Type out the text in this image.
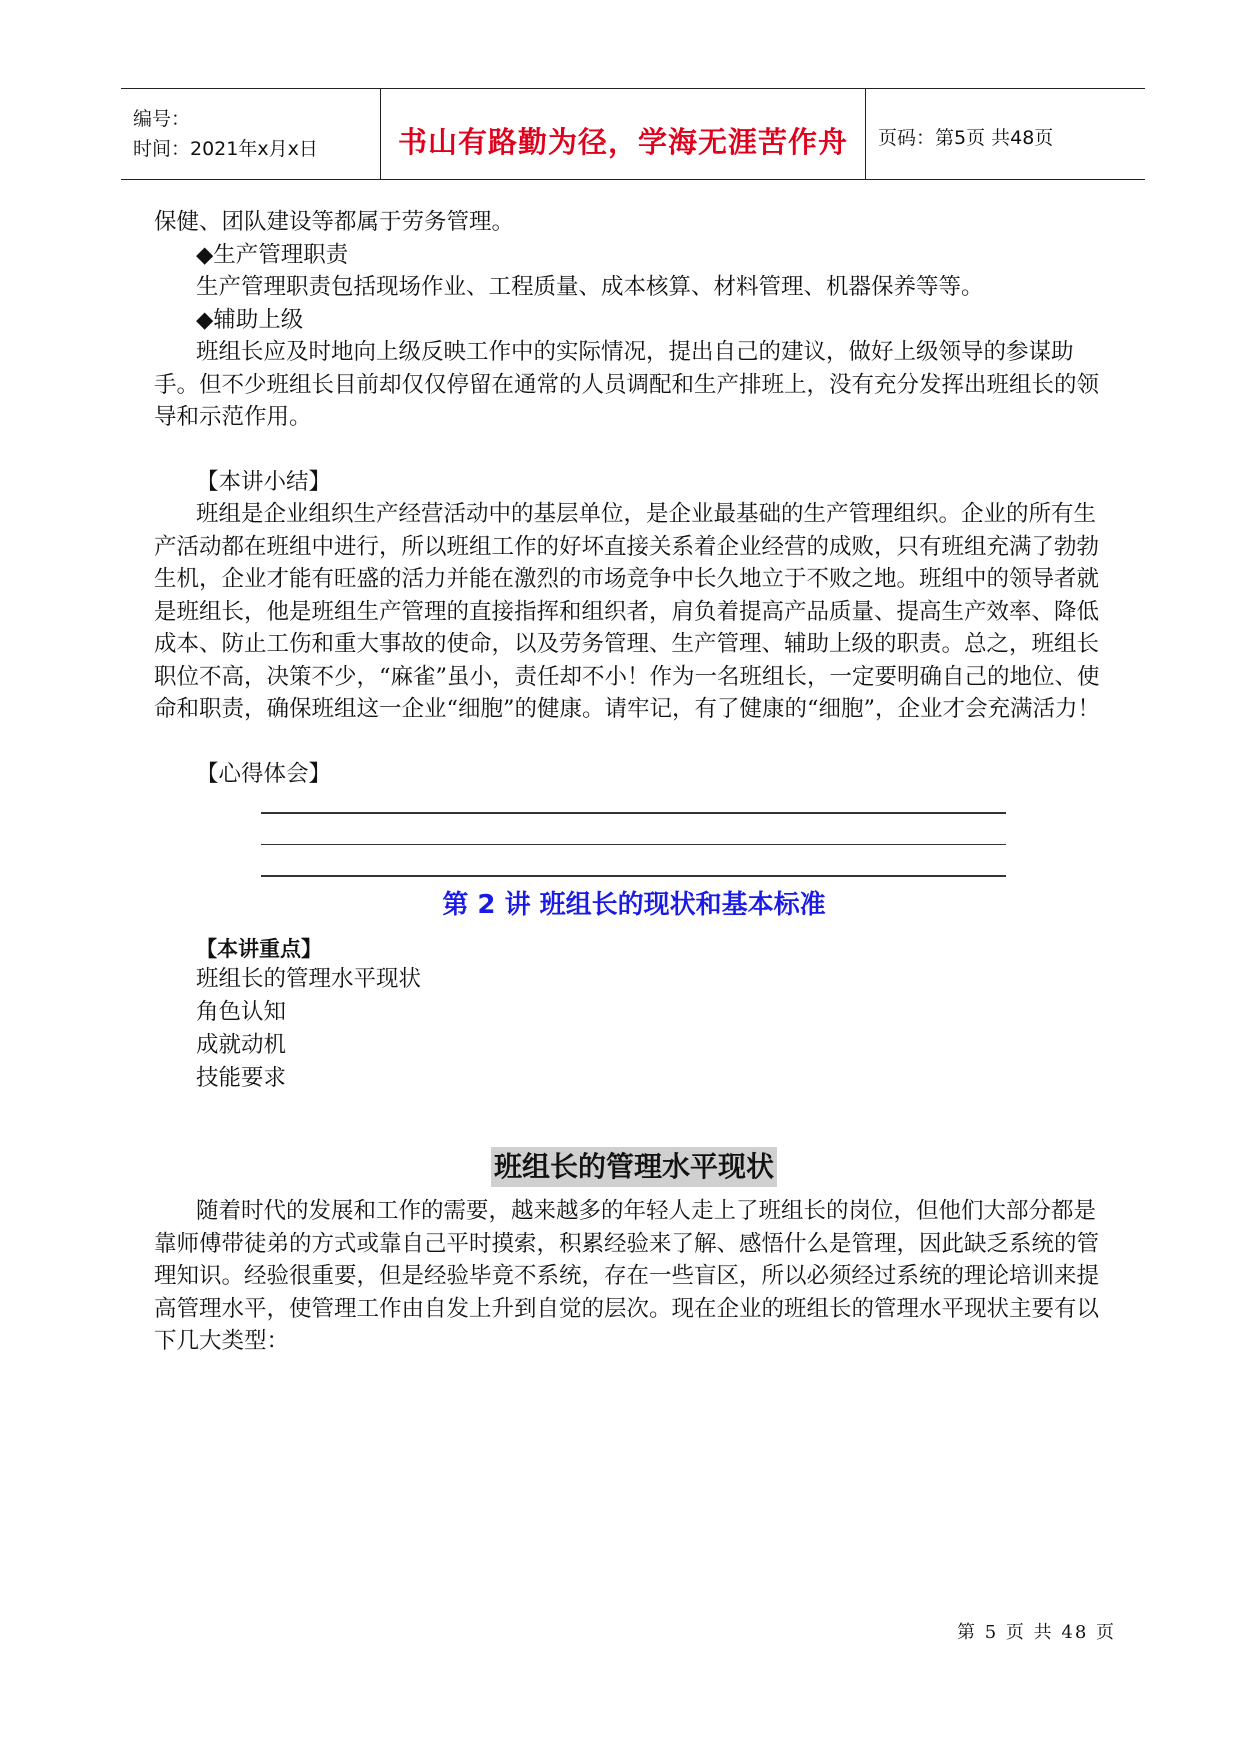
编号：
时间：2021年x月x日	书山有路勤为径，学海无涯苦作舟 页码：第5页 共48页

保健、团队建设等都属于劳务管理。

◆生产管理职责

生产管理职责包括现场作业、工程质量、成本核算、材料管理、机器保养等等。

◆辅助上级

班组长应及时地向上级反映工作中的实际情况，提出自己的建议，做好上级领导的参谋助手。但不少班组长目前却仅仅停留在通常的人员调配和生产排班上，没有充分发挥出班组长的领导和示范作用。

【本讲小结】

班组是企业组织生产经营活动中的基层单位，是企业最基础的生产管理组织。企业的所有生产活动都在班组中进行，所以班组工作的好坏直接关系着企业经营的成败，只有班组充满了勃勃生机，企业才能有旺盛的活力并能在激烈的市场竞争中长久地立于不败之地。班组中的领导者就是班组长，他是班组生产管理的直接指挥和组织者，肩负着提高产品质量、提高生产效率、降低成本、防止工伤和重大事故的使命，以及劳务管理、生产管理、辅助上级的职责。总之，班组长职位不高，决策不少，“麻雀”虽小，责任却不小！作为一名班组长，一定要明确自己的地位、使命和职责，确保班组这一企业“细胞”的健康。请牢记，有了健康的“细胞”，企业才会充满活力！

【心得体会】

第 2 讲 班组长的现状和基本标准

【本讲重点】

班组长的管理水平现状

角色认知

成就动机

技能要求

班组长的管理水平现状

随着时代的发展和工作的需要，越来越多的年轻人走上了班组长的岗位，但他们大部分都是靠师傅带徒弟的方式或靠自己平时摸索，积累经验来了解、感悟什么是管理，因此缺乏系统的管理知识。经验很重要，但是经验毕竟不系统，存在一些盲区，所以必须经过系统的理论培训来提高管理水平，使管理工作由自发上升到自觉的层次。现在企业的班组长的管理水平现状主要有以下几大类型：

第 5 页 共 48 页
